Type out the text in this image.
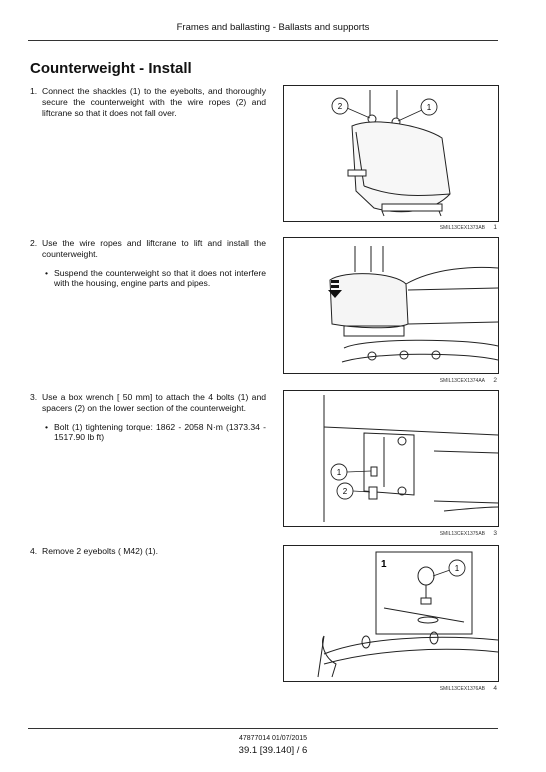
Frames and ballasting - Ballasts and supports
Counterweight - Install
1. Connect the shackles (1) to the eyebolts, and thoroughly secure the counterweight with the wire ropes (2) and liftcrane so that it does not fall over.
2. Use the wire ropes and liftcrane to lift and install the counterweight.
• Suspend the counterweight so that it does not interfere with the housing, engine parts and pipes.
3. Use a box wrench [ 50 mm] to attach the 4 bolts (1) and spacers (2) on the lower section of the counterweight.
• Bolt (1) tightening torque: 1862 - 2058 N·m (1373.34 - 1517.90 lb ft)
4. Remove 2 eyebolts ( M42) (1).
2	1
SMIL13CEX1373AB 1
SMIL13CEX1374AA 2
1
2
SMIL13CEX1375AB 3
1	1
SMIL13CEX1376AB 4
47877014 01/07/2015
39.1 [39.140] / 6
